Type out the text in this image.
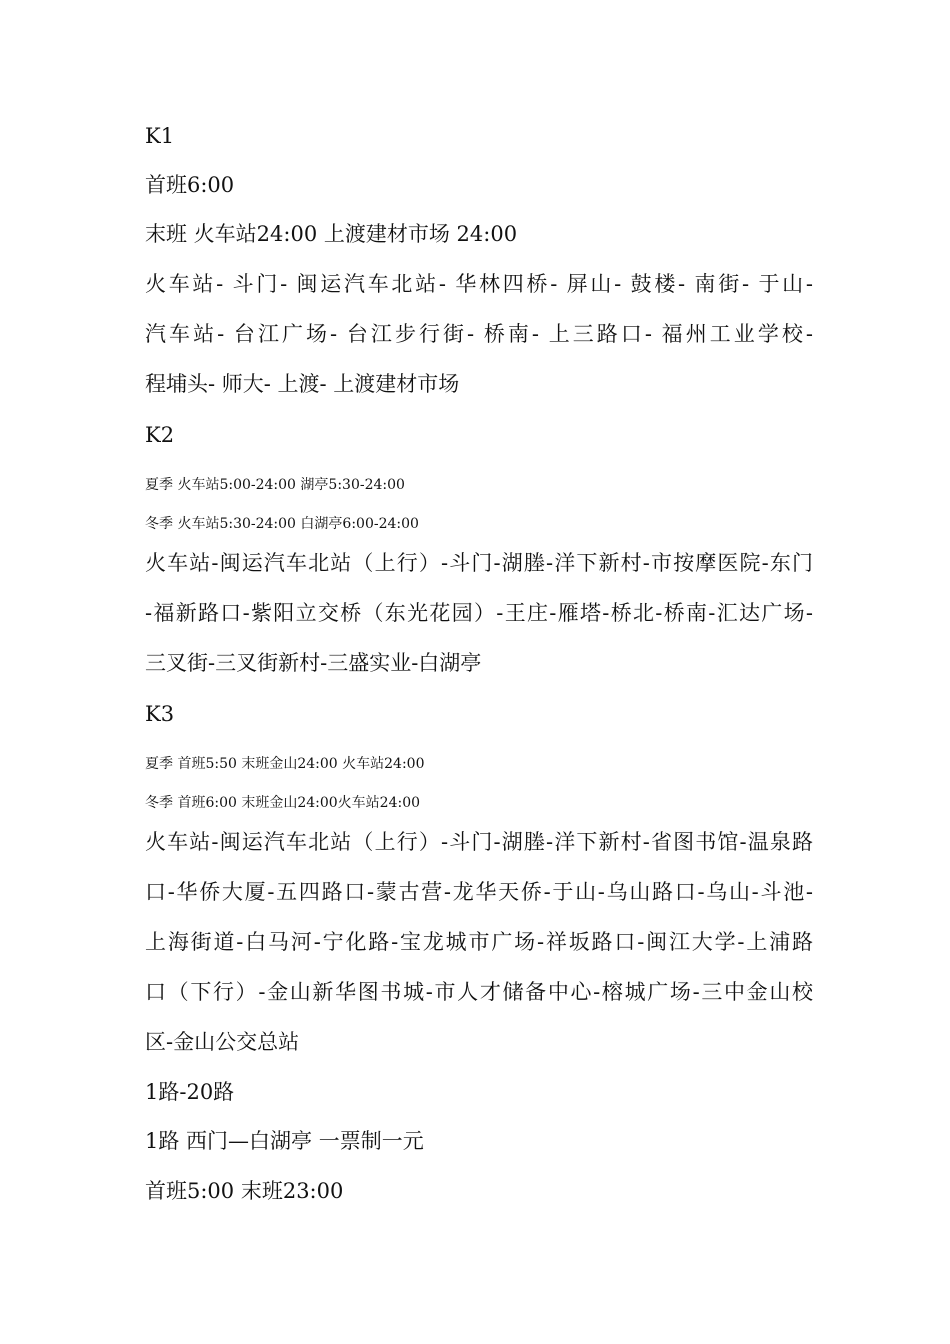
K1
首班6:00
末班 火车站24:00 上渡建材市场 24:00
火车站- 斗门- 闽运汽车北站- 华林四桥- 屏山- 鼓楼- 南街- 于山-
汽车站- 台江广场- 台江步行街- 桥南- 上三路口- 福州工业学校-
程埔头- 师大- 上渡- 上渡建材市场
K2
夏季 火车站5:00-24:00 湖亭5:30-24:00
冬季 火车站5:30-24:00 白湖亭6:00-24:00
火车站-闽运汽车北站（上行）-斗门-湖塍-洋下新村-市按摩医院-东门
-福新路口-紫阳立交桥（东光花园）-王庄-雁塔-桥北-桥南-汇达广场-
三叉街-三叉街新村-三盛实业-白湖亭
K3
夏季 首班5:50 末班金山24:00 火车站24:00
冬季 首班6:00 末班金山24:00火车站24:00
火车站-闽运汽车北站（上行）-斗门-湖塍-洋下新村-省图书馆-温泉路
口-华侨大厦-五四路口-蒙古营-龙华天侨-于山-乌山路口-乌山-斗池-
上海街道-白马河-宁化路-宝龙城市广场-祥坂路口-闽江大学-上浦路
口（下行）-金山新华图书城-市人才储备中心-榕城广场-三中金山校
区-金山公交总站
1路-20路
1路 西门—白湖亭 一票制一元
首班5:00 末班23:00
